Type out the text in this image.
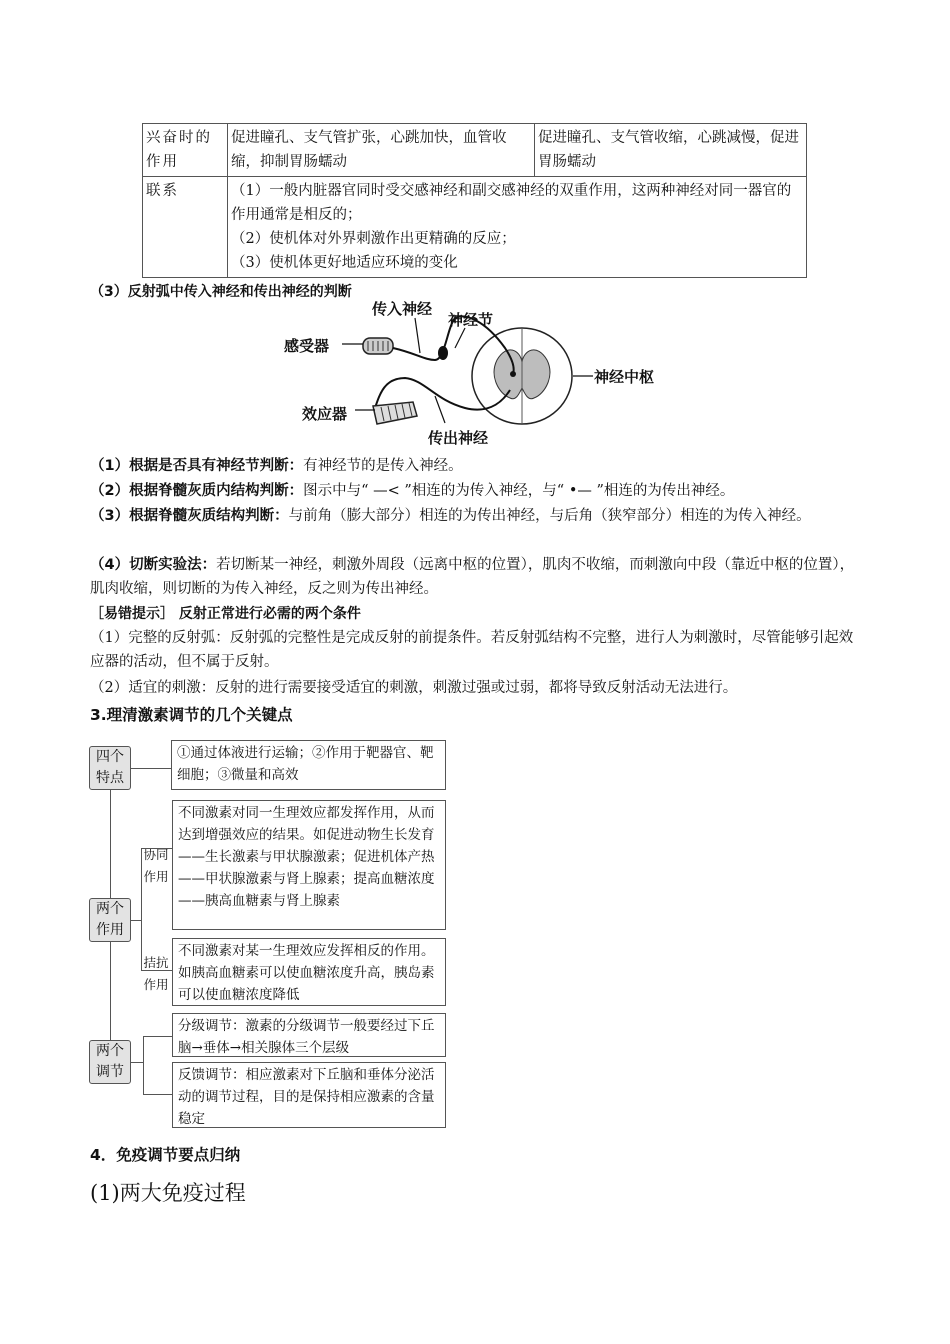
兴奋时的作用	促进瞳孔、支气管扩张，心跳加快，血管收缩，抑制胃肠蠕动	促进瞳孔、支气管收缩，心跳减慢，促进胃肠蠕动
联系	（1）一般内脏器官同时受交感神经和副交感神经的双重作用，这两种神经对同一器官的作用通常是相反的；
（2）使机体对外界刺激作出更精确的反应；
（3）使机体更好地适应环境的变化	
（3）反射弧中传入神经和传出神经的判断
传入神经
神经节
感受器
神经中枢
效应器
传出神经
（1）根据是否具有神经节判断：有神经节的是传入神经。
（2）根据脊髓灰质内结构判断：图示中与“ —< ”相连的为传入神经，与“ •— ”相连的为传出神经。
（3）根据脊髓灰质结构判断：与前角（膨大部分）相连的为传出神经，与后角（狭窄部分）相连的为传入神经。
（4）切断实验法：若切断某一神经，刺激外周段（远离中枢的位置），肌肉不收缩，而刺激向中段（靠近中枢的位置），肌肉收缩，则切断的为传入神经，反之则为传出神经。
［易错提示］ 反射正常进行必需的两个条件
（1）完整的反射弧：反射弧的完整性是完成反射的前提条件。若反射弧结构不完整，进行人为刺激时，尽管能够引起效应器的活动，但不属于反射。
（2）适宜的刺激：反射的进行需要接受适宜的刺激，刺激过强或过弱，都将导致反射活动无法进行。
3.理清激素调节的几个关键点
四个特点
①通过体液进行运输；②作用于靶器官、靶细胞；③微量和高效
两个作用
协同作用
不同激素对同一生理效应都发挥作用，从而达到增强效应的结果。如促进动物生长发育——生长激素与甲状腺激素；促进机体产热——甲状腺激素与肾上腺素；提高血糖浓度——胰高血糖素与肾上腺素
拮抗作用
不同激素对某一生理效应发挥相反的作用。如胰高血糖素可以使血糖浓度升高，胰岛素可以使血糖浓度降低
两个调节
分级调节：激素的分级调节一般要经过下丘脑→垂体→相关腺体三个层级
反馈调节：相应激素对下丘脑和垂体分泌活动的调节过程，目的是保持相应激素的含量稳定
4．免疫调节要点归纳
(1)两大免疫过程
